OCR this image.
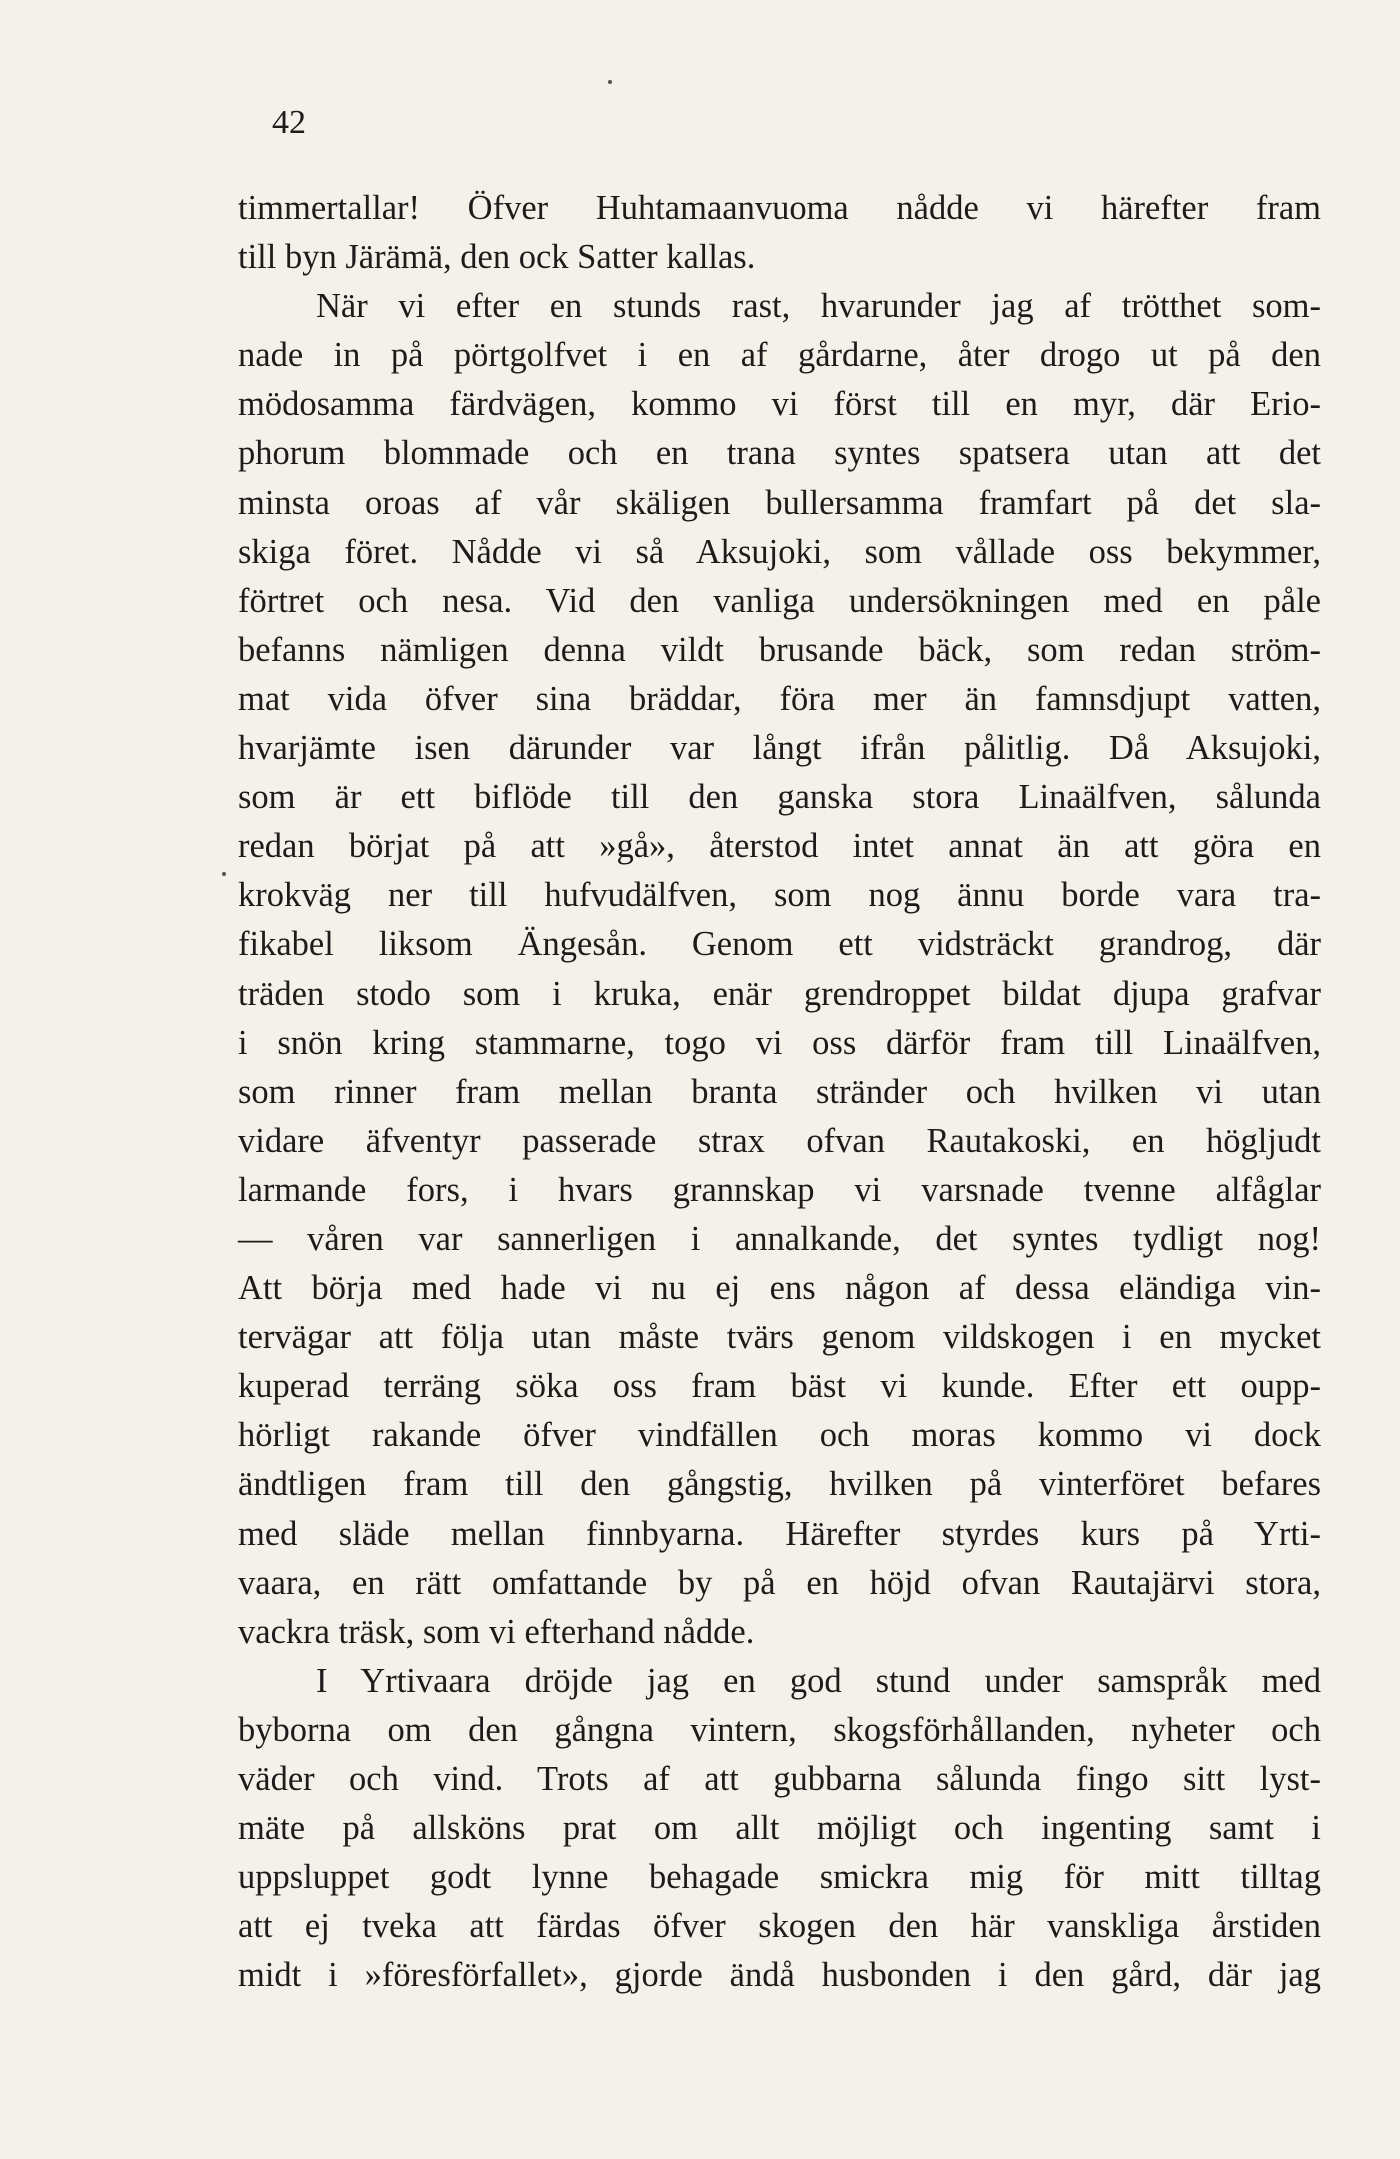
42
timmertallar! Öfver Huhtamaanvuoma nådde vi härefter fram
till byn Järämä, den ock Satter kallas.
När vi efter en stunds rast, hvarunder jag af trötthet som-
nade in på pörtgolfvet i en af gårdarne, åter drogo ut på den
mödosamma färdvägen, kommo vi först till en myr, där Erio-
phorum blommade och en trana syntes spatsera utan att det
minsta oroas af vår skäligen bullersamma framfart på det sla-
skiga föret. Nådde vi så Aksujoki, som vållade oss bekymmer,
förtret och nesa. Vid den vanliga undersökningen med en påle
befanns nämligen denna vildt brusande bäck, som redan ström-
mat vida öfver sina bräddar, föra mer än famnsdjupt vatten,
hvarjämte isen därunder var långt ifrån pålitlig. Då Aksujoki,
som är ett biflöde till den ganska stora Linaälfven, sålunda
redan börjat på att »gå», återstod intet annat än att göra en
krokväg ner till hufvudälfven, som nog ännu borde vara tra-
fikabel liksom Ängesån. Genom ett vidsträckt grandrog, där
träden stodo som i kruka, enär grendroppet bildat djupa grafvar
i snön kring stammarne, togo vi oss därför fram till Linaälfven,
som rinner fram mellan branta stränder och hvilken vi utan
vidare äfventyr passerade strax ofvan Rautakoski, en högljudt
larmande fors, i hvars grannskap vi varsnade tvenne alfåglar
— våren var sannerligen i annalkande, det syntes tydligt nog!
Att börja med hade vi nu ej ens någon af dessa eländiga vin-
tervägar att följa utan måste tvärs genom vildskogen i en mycket
kuperad terräng söka oss fram bäst vi kunde. Efter ett oupp-
hörligt rakande öfver vindfällen och moras kommo vi dock
ändtligen fram till den gångstig, hvilken på vinterföret befares
med släde mellan finnbyarna. Härefter styrdes kurs på Yrti-
vaara, en rätt omfattande by på en höjd ofvan Rautajärvi stora,
vackra träsk, som vi efterhand nådde.
I Yrtivaara dröjde jag en god stund under samspråk med
byborna om den gångna vintern, skogsförhållanden, nyheter och
väder och vind. Trots af att gubbarna sålunda fingo sitt lyst-
mäte på allsköns prat om allt möjligt och ingenting samt i
uppsluppet godt lynne behagade smickra mig för mitt tilltag
att ej tveka att färdas öfver skogen den här vanskliga årstiden
midt i »föresförfallet», gjorde ändå husbonden i den gård, där jag
